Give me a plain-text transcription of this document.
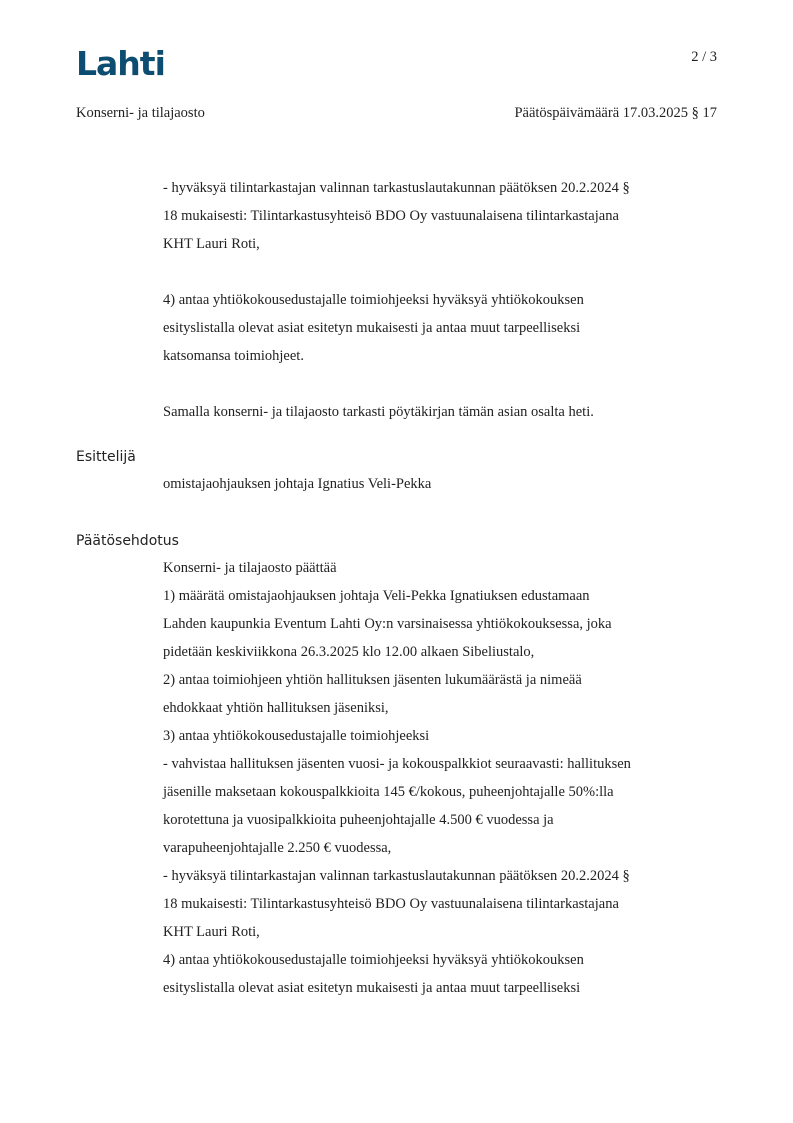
Lahti	2 / 3
Konserni- ja tilajaosto	Päätöspäivämäärä 17.03.2025 § 17
- hyväksyä tilintarkastajan valinnan tarkastuslautakunnan päätöksen 20.2.2024 §
18 mukaisesti: Tilintarkastusyhteisö BDO Oy vastuunalaisena tilintarkastajana
KHT Lauri Roti,
4) antaa yhtiökokousedustajalle toimiohjeeksi hyväksyä yhtiökokouksen
esityslistalla olevat asiat esitetyn mukaisesti ja antaa muut tarpeelliseksi
katsomansa toimiohjeet.
Samalla konserni- ja tilajaosto tarkasti pöytäkirjan tämän asian osalta heti.
Esittelijä
omistajaohjauksen johtaja Ignatius Veli-Pekka
Päätösehdotus
Konserni- ja tilajaosto päättää
1) määrätä omistajaohjauksen johtaja Veli-Pekka Ignatiuksen edustamaan
Lahden kaupunkia Eventum Lahti Oy:n varsinaisessa yhtiökokouksessa, joka
pidetään keskiviikkona 26.3.2025 klo 12.00 alkaen Sibeliustalo,
2) antaa toimiohjeen yhtiön hallituksen jäsenten lukumäärästä ja nimeää
ehdokkaat yhtiön hallituksen jäseniksi,
3) antaa yhtiökokousedustajalle toimiohjeeksi
- vahvistaa hallituksen jäsenten vuosi- ja kokouspalkkiot seuraavasti: hallituksen
jäsenille maksetaan kokouspalkkioita 145 €/kokous, puheenjohtajalle 50%:lla
korotettuna ja vuosipalkkioita puheenjohtajalle 4.500 € vuodessa ja
varapuheenjohtajalle 2.250 € vuodessa,
- hyväksyä tilintarkastajan valinnan tarkastuslautakunnan päätöksen 20.2.2024 §
18 mukaisesti: Tilintarkastusyhteisö BDO Oy vastuunalaisena tilintarkastajana
KHT Lauri Roti,
4) antaa yhtiökokousedustajalle toimiohjeeksi hyväksyä yhtiökokouksen
esityslistalla olevat asiat esitetyn mukaisesti ja antaa muut tarpeelliseksi
